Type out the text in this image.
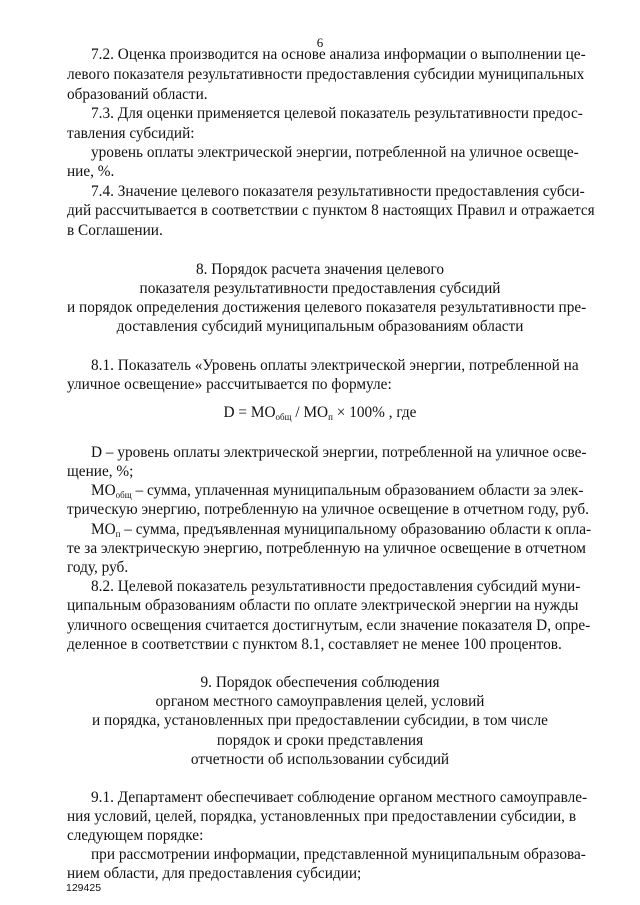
6
7.2. Оценка производится на основе анализа информации о выполнении це-
левого показателя результативности предоставления субсидии муниципальных
образований области.
7.3. Для оценки применяется целевой показатель результативности предос-
тавления субсидий:
уровень оплаты электрической энергии, потребленной на уличное освеще-
ние, %.
7.4. Значение целевого показателя результативности предоставления субси-
дий рассчитывается в соответствии с пунктом 8 настоящих Правил и отражается
в Соглашении.
8. Порядок расчета значения целевого
показателя результативности предоставления субсидий
и порядок определения достижения целевого показателя результативности пре-
доставления субсидий муниципальным образованиям области
8.1. Показатель «Уровень оплаты электрической энергии, потребленной на
уличное освещение» рассчитывается по формуле:
$D = MO_{общ} / MO_п \times 100\%$ , где
D – уровень оплаты электрической энергии, потребленной на уличное осве-
щение, %;
$MO_{общ}$ – сумма, уплаченная муниципальным образованием области за элек-
трическую энергию, потребленную на уличное освещение в отчетном году, руб.
$MO_п$ – сумма, предъявленная муниципальному образованию области к опла-
те за электрическую энергию, потребленную на уличное освещение в отчетном
году, руб.
8.2. Целевой показатель результативности предоставления субсидий муни-
ципальным образованиям области по оплате электрической энергии на нужды
уличного освещения считается достигнутым, если значение показателя D, опре-
деленное в соответствии с пунктом 8.1, составляет не менее 100 процентов.
9. Порядок обеспечения соблюдения
органом местного самоуправления целей, условий
и порядка, установленных при предоставлении субсидии, в том числе
порядок и сроки представления
отчетности об использовании субсидий
9.1. Департамент обеспечивает соблюдение органом местного самоуправле-
ния условий, целей, порядка, установленных при предоставлении субсидии, в
следующем порядке:
при рассмотрении информации, представленной муниципальным образова-
нием области, для предоставления субсидии;
129425
